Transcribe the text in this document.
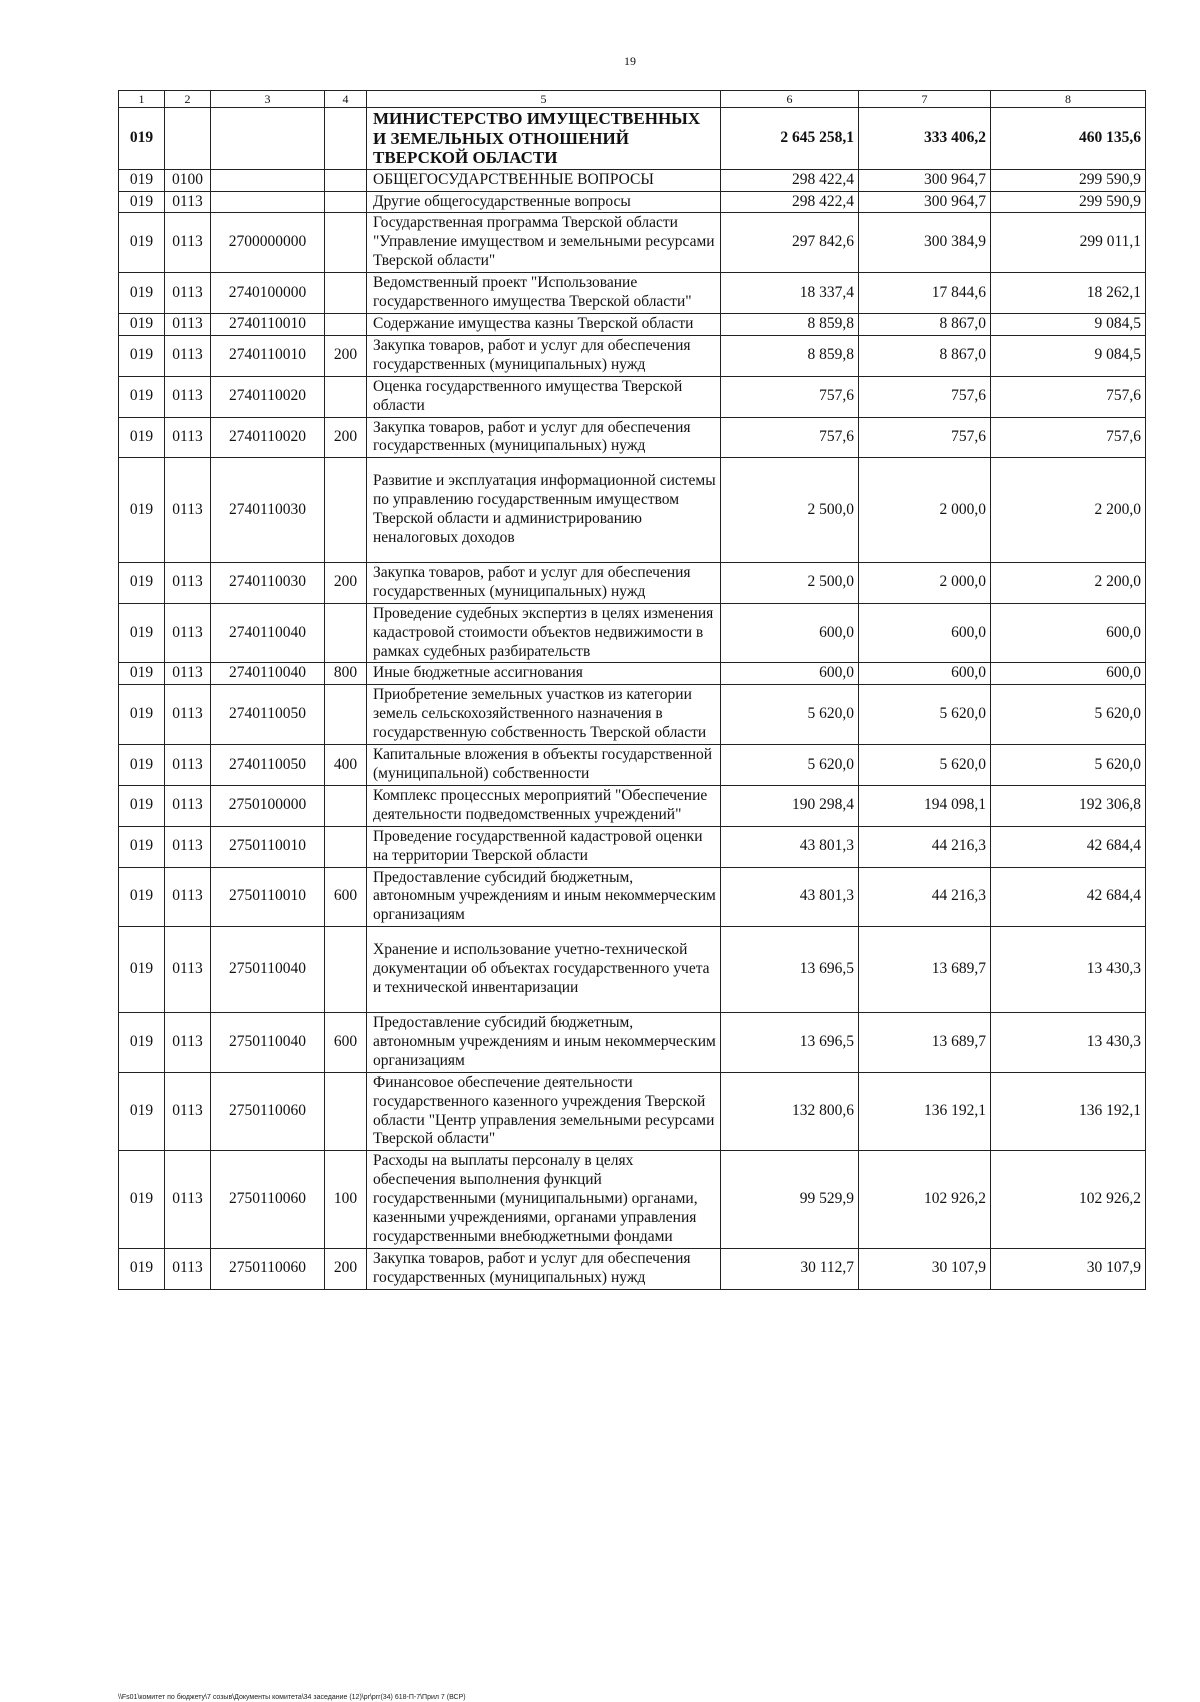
19
1	2	3	4	5	6	7	8
019				МИНИСТЕРСТВО ИМУЩЕСТВЕННЫХ И ЗЕМЕЛЬНЫХ ОТНОШЕНИЙ ТВЕРСКОЙ ОБЛАСТИ	2 645 258,1	333 406,2	460 135,6
019	0100			ОБЩЕГОСУДАРСТВЕННЫЕ ВОПРОСЫ	298 422,4	300 964,7	299 590,9
019	0113			Другие общегосударственные вопросы	298 422,4	300 964,7	299 590,9
019	0113	2700000000		Государственная программа Тверской области "Управление имуществом и земельными ресурсами Тверской области"	297 842,6	300 384,9	299 011,1
019	0113	2740100000		Ведомственный проект "Использование государственного имущества Тверской области"	18 337,4	17 844,6	18 262,1
019	0113	2740110010		Содержание имущества казны Тверской области	8 859,8	8 867,0	9 084,5
019	0113	2740110010	200	Закупка товаров, работ и услуг для обеспечения государственных (муниципальных) нужд	8 859,8	8 867,0	9 084,5
019	0113	2740110020		Оценка государственного имущества Тверской области	757,6	757,6	757,6
019	0113	2740110020	200	Закупка товаров, работ и услуг для обеспечения государственных (муниципальных) нужд	757,6	757,6	757,6
019	0113	2740110030		Развитие и эксплуатация информационной системы по управлению государственным имуществом Тверской области и администрированию неналоговых доходов	2 500,0	2 000,0	2 200,0
019	0113	2740110030	200	Закупка товаров, работ и услуг для обеспечения государственных (муниципальных) нужд	2 500,0	2 000,0	2 200,0
019	0113	2740110040		Проведение судебных экспертиз в целях изменения кадастровой стоимости объектов недвижимости в рамках судебных разбирательств	600,0	600,0	600,0
019	0113	2740110040	800	Иные бюджетные ассигнования	600,0	600,0	600,0
019	0113	2740110050		Приобретение земельных участков из категории земель сельскохозяйственного назначения в государственную собственность Тверской области	5 620,0	5 620,0	5 620,0
019	0113	2740110050	400	Капитальные вложения в объекты государственной (муниципальной) собственности	5 620,0	5 620,0	5 620,0
019	0113	2750100000		Комплекс процессных мероприятий "Обеспечение деятельности подведомственных учреждений"	190 298,4	194 098,1	192 306,8
019	0113	2750110010		Проведение государственной кадастровой оценки на территории Тверской области	43 801,3	44 216,3	42 684,4
019	0113	2750110010	600	Предоставление субсидий бюджетным, автономным учреждениям и иным некоммерческим организациям	43 801,3	44 216,3	42 684,4
019	0113	2750110040		Хранение и использование учетно-технической документации об объектах государственного учета и технической инвентаризации	13 696,5	13 689,7	13 430,3
019	0113	2750110040	600	Предоставление субсидий бюджетным, автономным учреждениям и иным некоммерческим организациям	13 696,5	13 689,7	13 430,3
019	0113	2750110060		Финансовое обеспечение деятельности государственного казенного учреждения Тверской области "Центр управления земельными ресурсами Тверской области"	132 800,6	136 192,1	136 192,1
019	0113	2750110060	100	Расходы на выплаты персоналу в целях обеспечения выполнения функций государственными (муниципальными) органами, казенными учреждениями, органами управления государственными внебюджетными фондами	99 529,9	102 926,2	102 926,2
019	0113	2750110060	200	Закупка товаров, работ и услуг для обеспечения государственных (муниципальных) нужд	30 112,7	30 107,9	30 107,9
\\Fs01\комитет по бюджету\7 созыв\Документы комитета\34 заседание (12)\pr\prr(34) 618-П-7\Прил 7 (ВСР)
